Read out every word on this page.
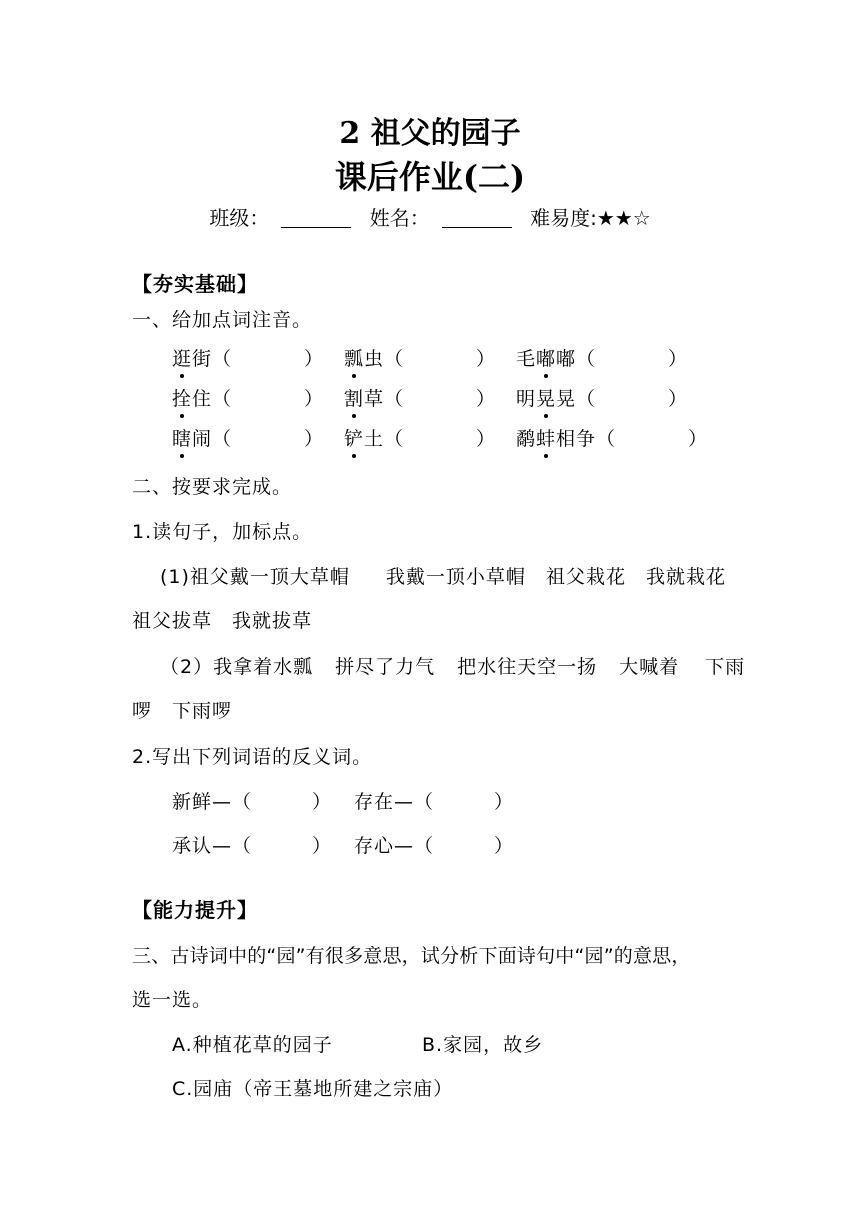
2 祖父的园子
课后作业(二)
班级：	姓名：	难易度:★★☆
【夯实基础】
一、给加点词注音。
逛街（	） 瓢虫（	） 毛嘟嘟（	）
拴住（	） 割草（	） 明晃晃（	）
瞎闹（	） 铲土（	） 鹬蚌相争（	）
二、按要求完成。
1.读句子，加标点。
(1)祖父戴一顶大草帽 我戴一顶小草帽 祖父栽花 我就栽花
祖父拔草 我就拔草
（2）我拿着水瓢 拼尽了力气 把水往天空一扬 大喊着 下雨
啰 下雨啰
2.写出下列词语的反义词。
新鲜—（	） 存在—（	）
承认—（	） 存心—（	）
【能力提升】
三、古诗词中的“园”有很多意思，试分析下面诗句中“园”的意思，
选一选。
A.种植花草的园子	B.家园，故乡
C.园庙（帝王墓地所建之宗庙）
